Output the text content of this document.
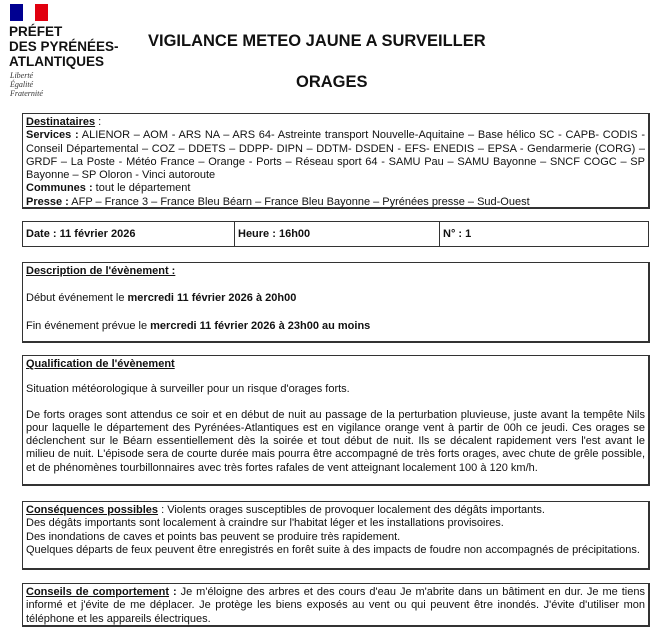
PRÉFET
DES PYRÉNÉES-
ATLANTIQUES
Liberté
Égalité
Fraternité
VIGILANCE METEO JAUNE A SURVEILLER
ORAGES

Destinataires :

Services : ALIENOR – AOM - ARS NA – ARS 64- Astreinte transport Nouvelle-Aquitaine – Base hélico SC - CAPB- CODIS - Conseil Départemental – COZ – DDETS – DDPP- DIPN – DDTM- DSDEN - EFS- ENEDIS – EPSA - Gendarmerie (CORG) – GRDF – La Poste - Météo France – Orange - Ports – Réseau sport 64 - SAMU Pau – SAMU Bayonne – SNCF COGC – SP Bayonne – SP Oloron - Vinci autoroute

Communes : tout le département

Presse : AFP – France 3 – France Bleu Béarn – France Bleu Bayonne – Pyrénées presse – Sud-Ouest

Date : 11 février 2026	Heure : 16h00	N° : 1

Description de l'évènement :

Début événement le mercredi 11 février 2026 à 20h00

Fin événement prévue le mercredi 11 février 2026 à 23h00 au moins

Qualification de l'évènement

Situation météorologique à surveiller pour un risque d'orages forts.

De forts orages sont attendus ce soir et en début de nuit au passage de la perturbation pluvieuse, juste avant la tempête Nils pour laquelle le département des Pyrénées-Atlantiques est en vigilance orange vent à partir de 00h ce jeudi. Ces orages se déclenchent sur le Béarn essentiellement dès la soirée et tout début de nuit. Ils se décalent rapidement vers l'est avant le milieu de nuit. L'épisode sera de courte durée mais pourra être accompagné de très forts orages, avec chute de grêle possible, et de phénomènes tourbillonnaires avec très fortes rafales de vent atteignant localement 100 à 120 km/h.

Conséquences possibles : Violents orages susceptibles de provoquer localement des dégâts importants.

Des dégâts importants sont localement à craindre sur l'habitat léger et les installations provisoires.

Des inondations de caves et points bas peuvent se produire très rapidement.

Quelques départs de feux peuvent être enregistrés en forêt suite à des impacts de foudre non accompagnés de précipitations.

Conseils de comportement : Je m'éloigne des arbres et des cours d'eau Je m'abrite dans un bâtiment en dur. Je me tiens informé et j'évite de me déplacer. Je protège les biens exposés au vent ou qui peuvent être inondés. J'évite d'utiliser mon téléphone et les appareils électriques.
